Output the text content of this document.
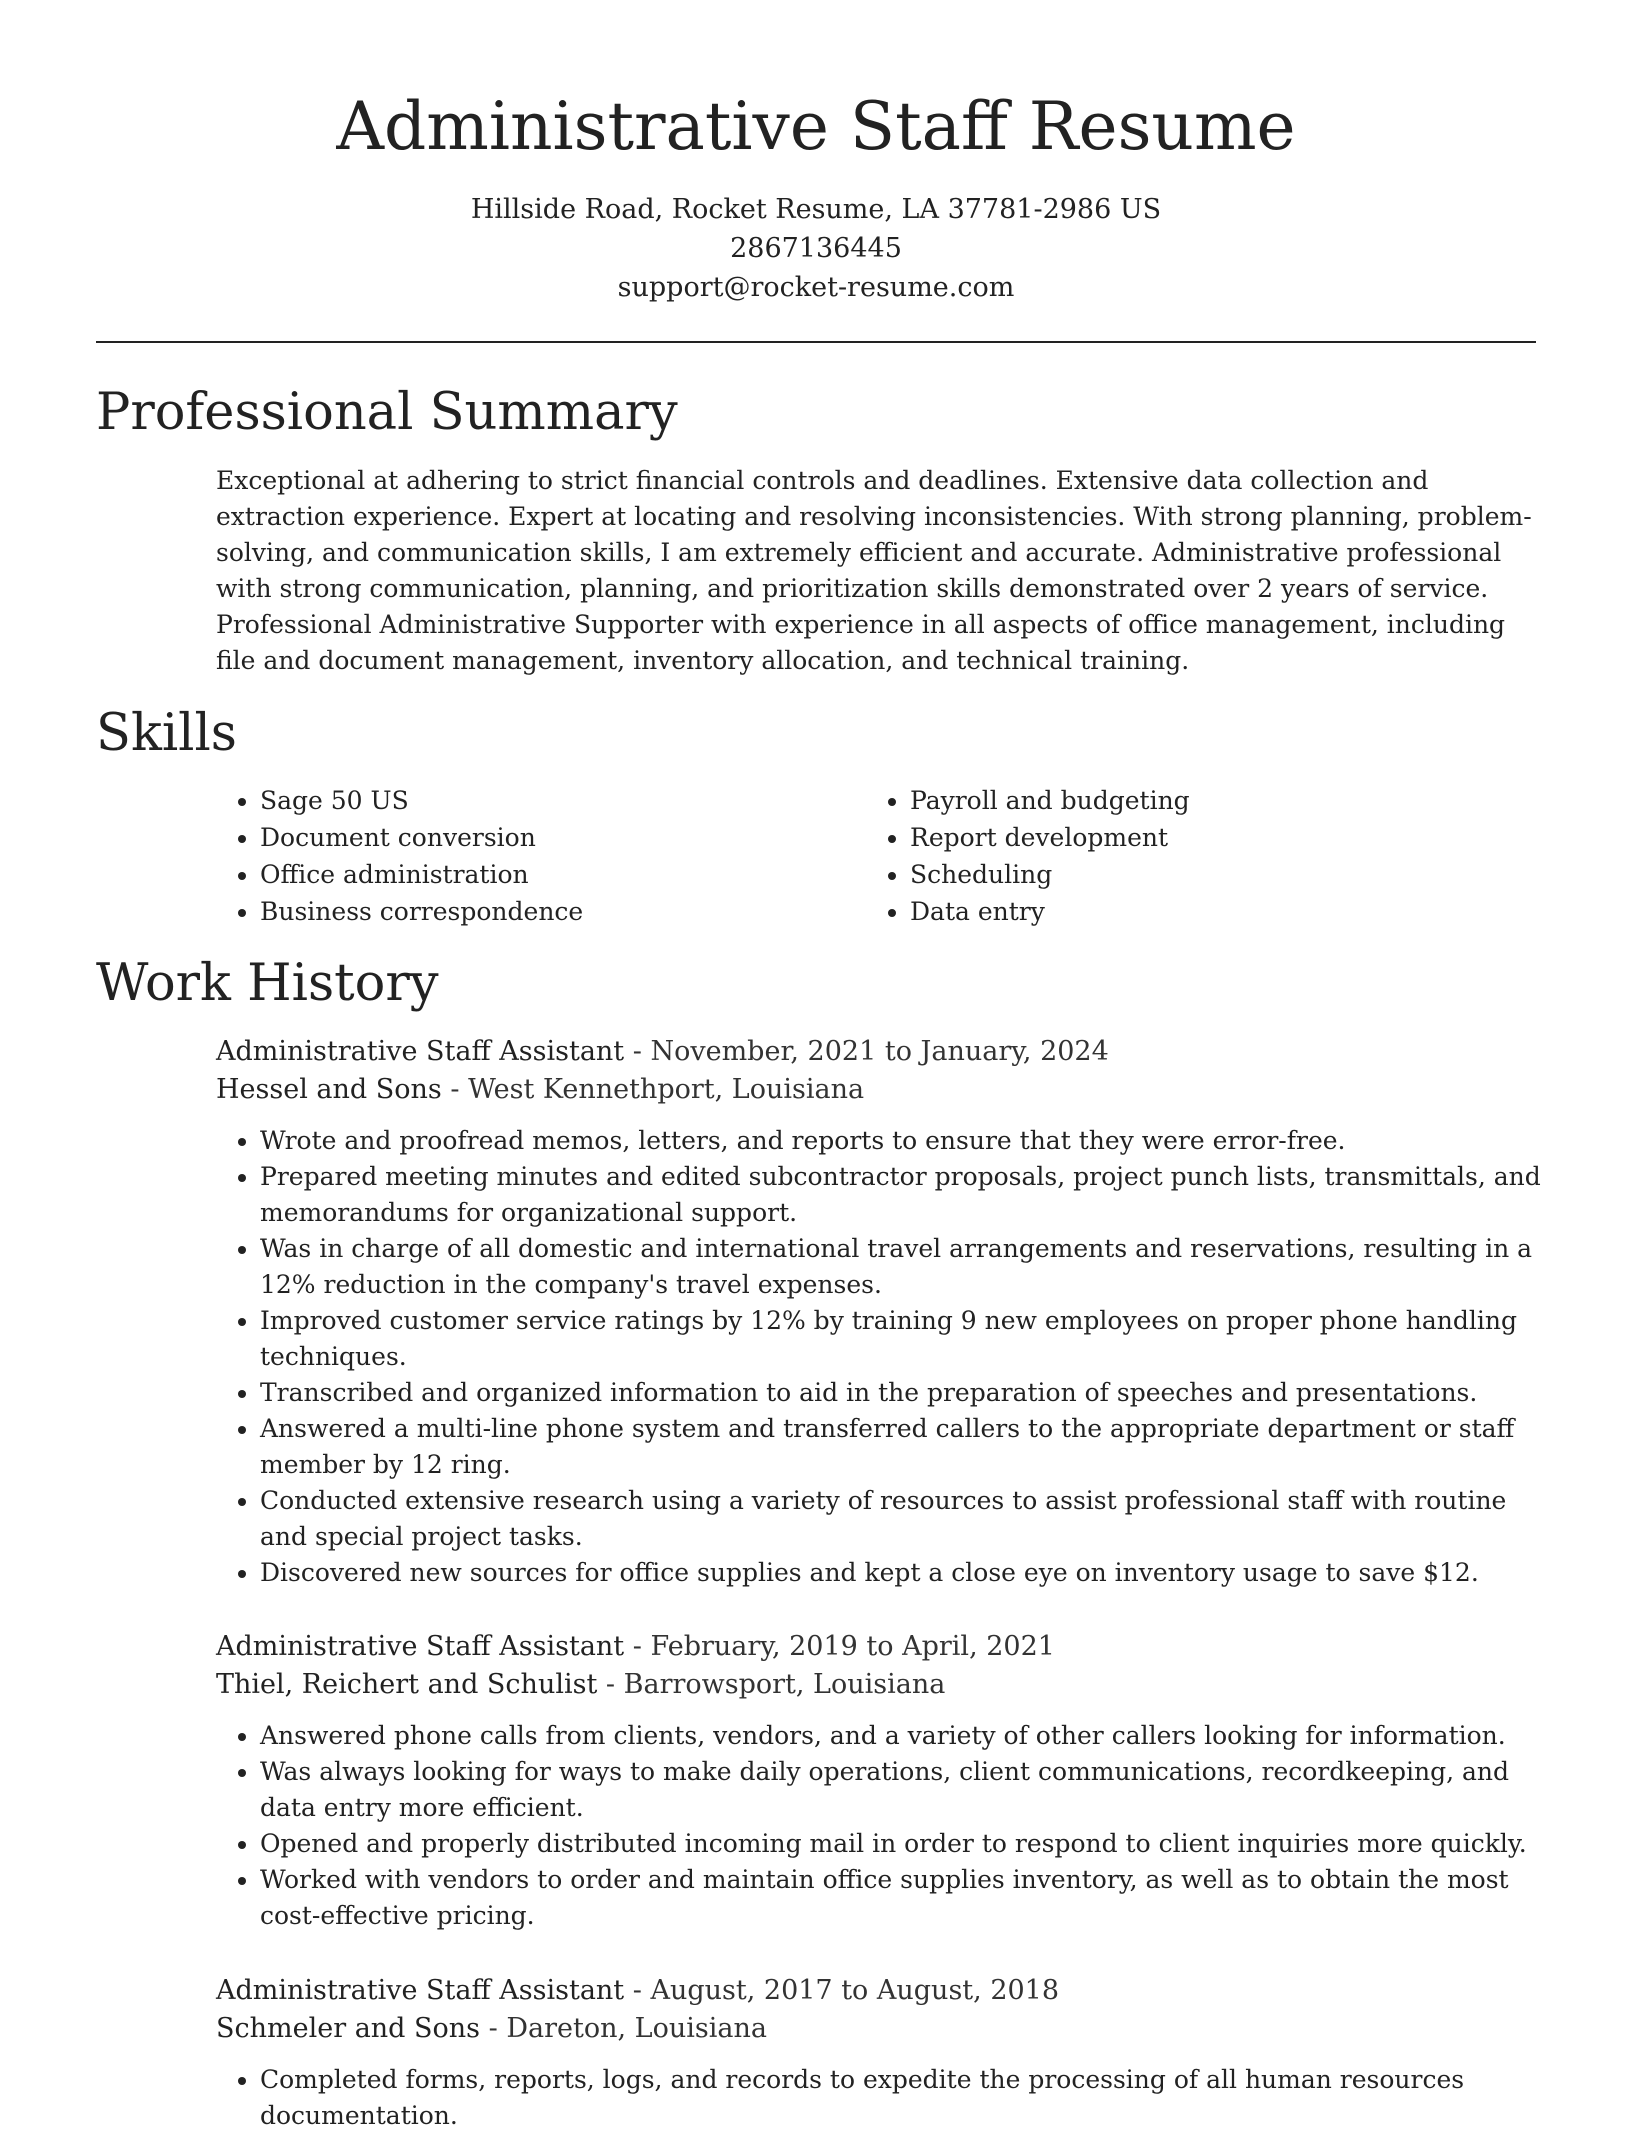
Administrative Staff Resume
Hillside Road, Rocket Resume, LA 37781-2986 US
2867136445
support@rocket-resume.com
Professional Summary

Exceptional at adhering to strict financial controls and deadlines. Extensive data collection and extraction experience. Expert at locating and resolving inconsistencies. With strong planning, problem-solving, and communication skills, I am extremely efficient and accurate. Administrative professional with strong communication, planning, and prioritization skills demonstrated over 2 years of service. Professional Administrative Supporter with experience in all aspects of office management, including file and document management, inventory allocation, and technical training.

Skills
• Sage 50 US
• Document conversion
• Office administration
• Business correspondence
• Payroll and budgeting
• Report development
• Scheduling
• Data entry
Work History
Administrative Staff Assistant - November, 2021 to January, 2024
Hessel and Sons - West Kennethport, Louisiana
• Wrote and proofread memos, letters, and reports to ensure that they were error-free.
• Prepared meeting minutes and edited subcontractor proposals, project punch lists, transmittals, and memorandums for organizational support.
• Was in charge of all domestic and international travel arrangements and reservations, resulting in a 12% reduction in the company's travel expenses.
• Improved customer service ratings by 12% by training 9 new employees on proper phone handling techniques.
• Transcribed and organized information to aid in the preparation of speeches and presentations.
• Answered a multi-line phone system and transferred callers to the appropriate department or staff member by 12 ring.
• Conducted extensive research using a variety of resources to assist professional staff with routine and special project tasks.
• Discovered new sources for office supplies and kept a close eye on inventory usage to save $12.
Administrative Staff Assistant - February, 2019 to April, 2021
Thiel, Reichert and Schulist - Barrowsport, Louisiana
• Answered phone calls from clients, vendors, and a variety of other callers looking for information.
• Was always looking for ways to make daily operations, client communications, recordkeeping, and data entry more efficient.
• Opened and properly distributed incoming mail in order to respond to client inquiries more quickly.
• Worked with vendors to order and maintain office supplies inventory, as well as to obtain the most cost-effective pricing.
Administrative Staff Assistant - August, 2017 to August, 2018
Schmeler and Sons - Dareton, Louisiana
• Completed forms, reports, logs, and records to expedite the processing of all human resources documentation.
